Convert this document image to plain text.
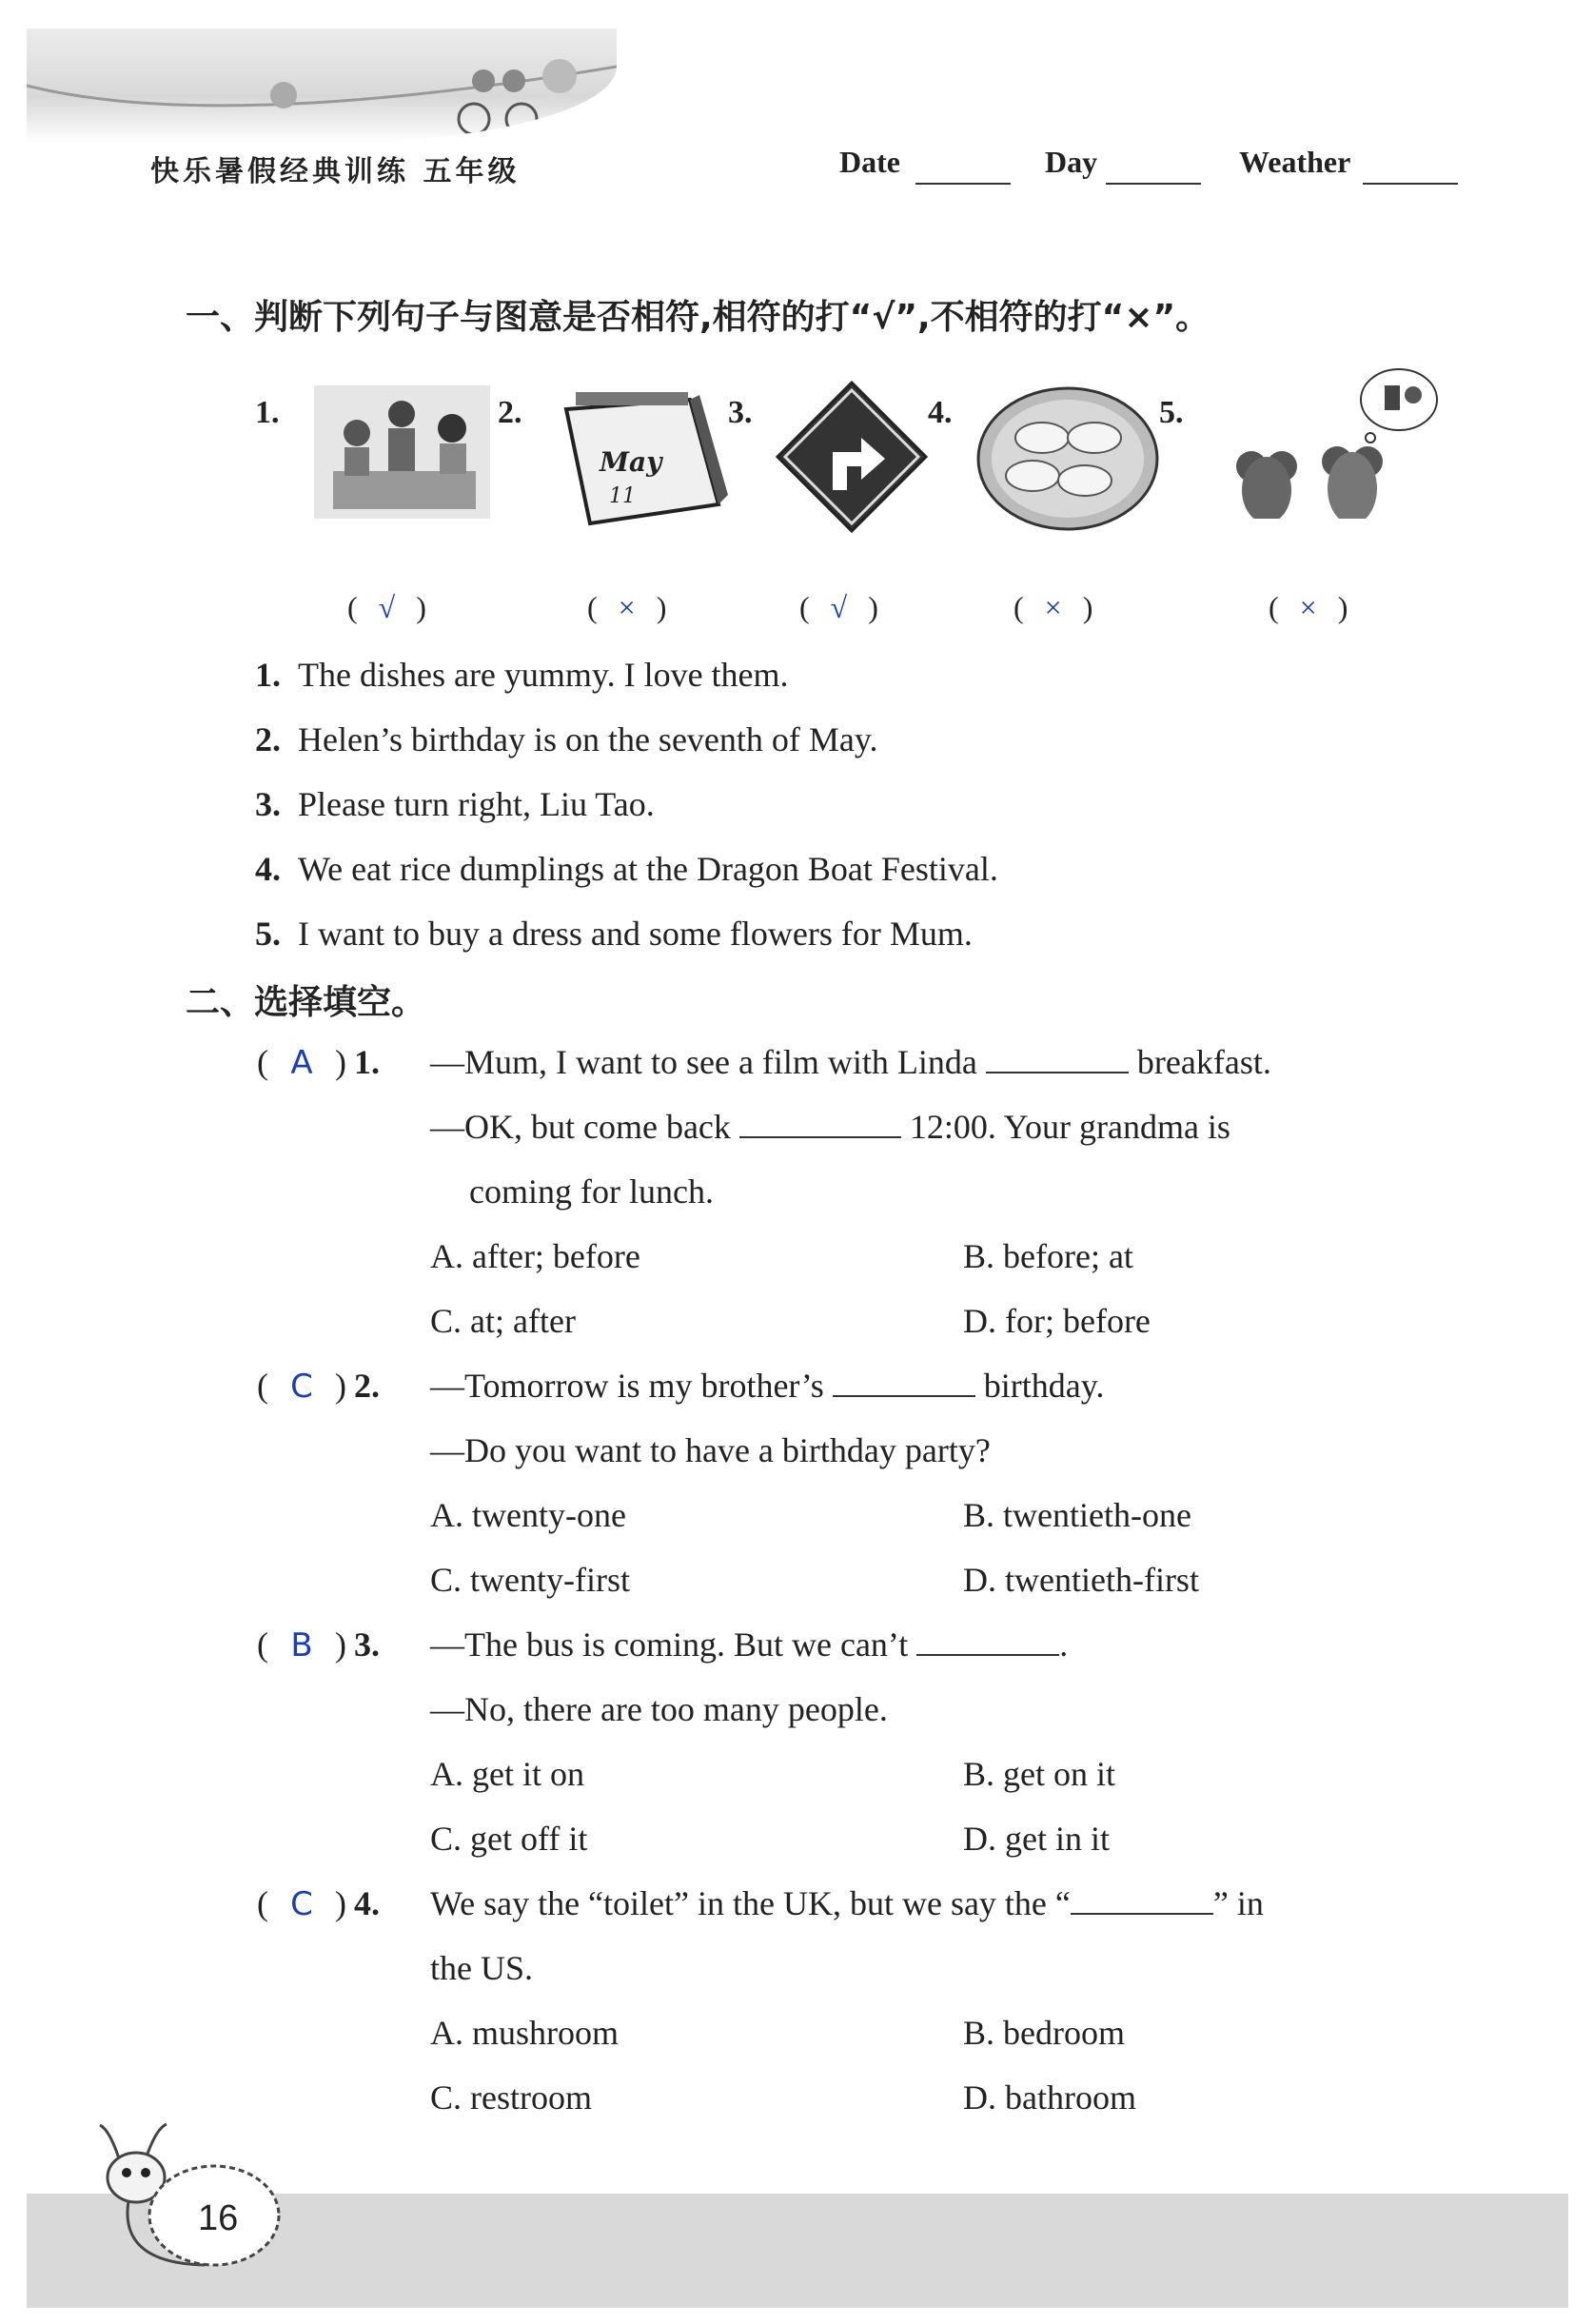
快乐暑假经典训练 五年级	Date	Day	Weather
一、判断下列句子与图意是否相符,相符的打“√”,不相符的打“×”。
1.	2.
May
11
3.	4.	5.
( √ )	( × )	( √ )	( × )	( × )
1. The dishes are yummy. I love them.
2. Helen’s birthday is on the seventh of May.
3. Please turn right, Liu Tao.
4. We eat rice dumplings at the Dragon Boat Festival.
5. I want to buy a dress and some flowers for Mum.
二、选择填空。
( A ) 1. —Mum, I want to see a film with Linda	breakfast.
—OK, but come back	12:00. Your grandma is
coming for lunch.
A. after; before	B. before; at
C. at; after	D. for; before
( C ) 2. —Tomorrow is my brother’s	birthday.
—Do you want to have a birthday party?
A. twenty-one	B. twentieth-one
C. twenty-first	D. twentieth-first
( B ) 3. —The bus is coming. But we can’t	.
—No, there are too many people.
A. get it on	B. get on it
C. get off it	D. get in it
( C ) 4. We say the “toilet” in the UK, but we say the “	” in
the US.
A. mushroom	B. bedroom
C. restroom	D. bathroom
16
